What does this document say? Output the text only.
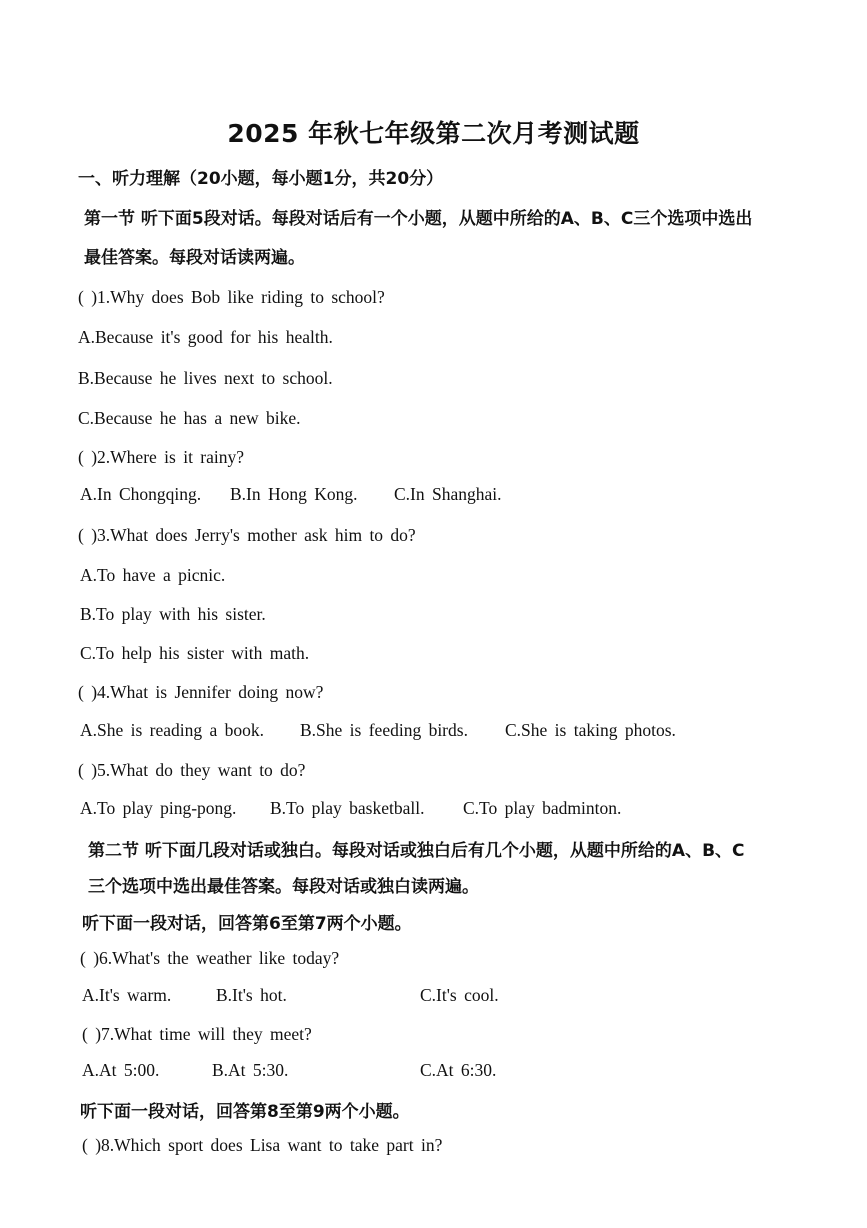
2025 年秋七年级第二次月考测试题
一、听力理解（20小题，每小题1分，共20分）
第一节 听下面5段对话。每段对话后有一个小题，从题中所给的A、B、C三个选项中选出
最佳答案。每段对话读两遍。
( )1.Why does Bob like riding to school?
A.Because it's good for his health.
B.Because he lives next to school.
C.Because he has a new bike.
( )2.Where is it rainy?
A.In Chongqing. B.In Hong Kong. C.In Shanghai.
( )3.What does Jerry's mother ask him to do?
A.To have a picnic.
B.To play with his sister.
C.To help his sister with math.
( )4.What is Jennifer doing now?
A.She is reading a book. B.She is feeding birds. C.She is taking photos.
( )5.What do they want to do?
A.To play ping-pong. B.To play basketball. C.To play badminton.
第二节 听下面几段对话或独白。每段对话或独白后有几个小题，从题中所给的A、B、C
三个选项中选出最佳答案。每段对话或独白读两遍。
听下面一段对话，回答第6至第7两个小题。
( )6.What's the weather like today?
A.It's warm.	B.It's hot.	C.It's cool.
( )7.What time will they meet?
A.At 5:00.	B.At 5:30.	C.At 6:30.
听下面一段对话，回答第8至第9两个小题。
( )8.Which sport does Lisa want to take part in?
